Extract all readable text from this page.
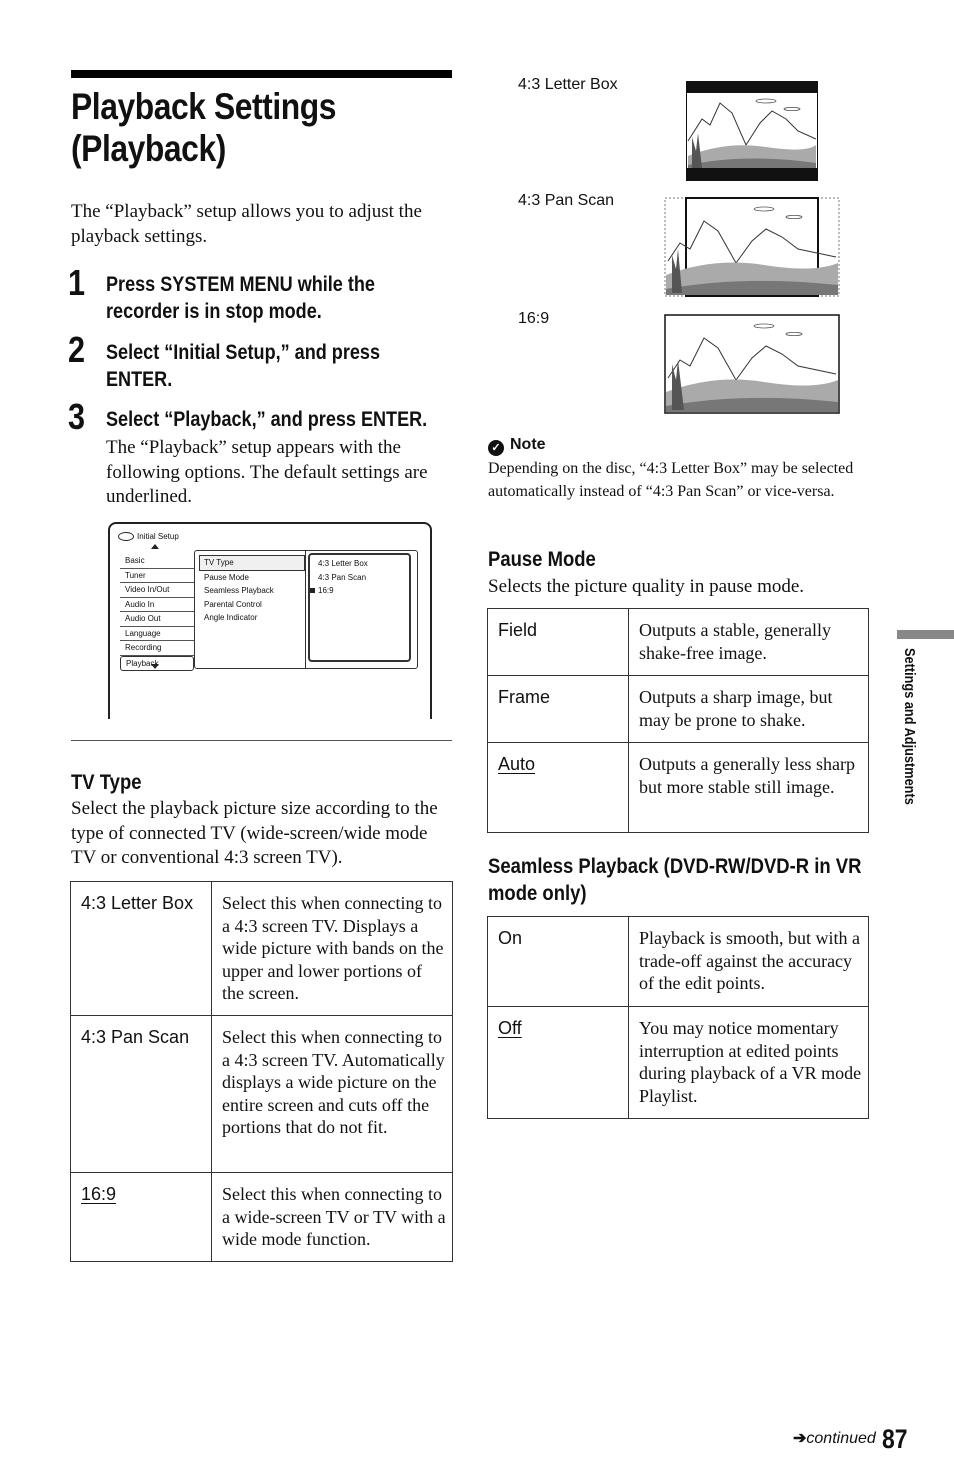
Playback Settings
(Playback)
The “Playback” setup allows you to adjust the playback settings.
1 Press SYSTEM MENU while the recorder is in stop mode.
2 Select “Initial Setup,” and press ENTER.
3 Select “Playback,” and press ENTER.
The “Playback” setup appears with the following options. The default settings are underlined.
Initial Setup
Basic
Tuner
Video In/Out
Audio In
Audio Out
Language
Recording
Playback
TV Type
Pause Mode
Seamless Playback
Parental Control
Angle Indicator
4:3 Letter Box
4:3 Pan Scan
16:9
TV Type
Select the playback picture size according to the type of connected TV (wide-screen/wide mode TV or conventional 4:3 screen TV).
4:3 Letter Box	Select this when connecting to a 4:3 screen TV. Displays a wide picture with bands on the upper and lower portions of the screen.
4:3 Pan Scan	Select this when connecting to a 4:3 screen TV. Automatically displays a wide picture on the entire screen and cuts off the portions that do not fit.
16:9	Select this when connecting to a wide-screen TV or TV with a wide mode function.
4:3 Letter Box
4:3 Pan Scan
16:9
✓ Note
Depending on the disc, “4:3 Letter Box” may be selected automatically instead of “4:3 Pan Scan” or vice-versa.
Pause Mode
Selects the picture quality in pause mode.
Field	Outputs a stable, generally shake-free image.
Frame	Outputs a sharp image, but may be prone to shake.
Auto	Outputs a generally less sharp but more stable still image.
Seamless Playback (DVD-RW/DVD-R in VR mode only)
On	Playback is smooth, but with a trade-off against the accuracy of the edit points.
Off	You may notice momentary interruption at edited points during playback of a VR mode Playlist.
Settings and Adjustments
➔continued 87
